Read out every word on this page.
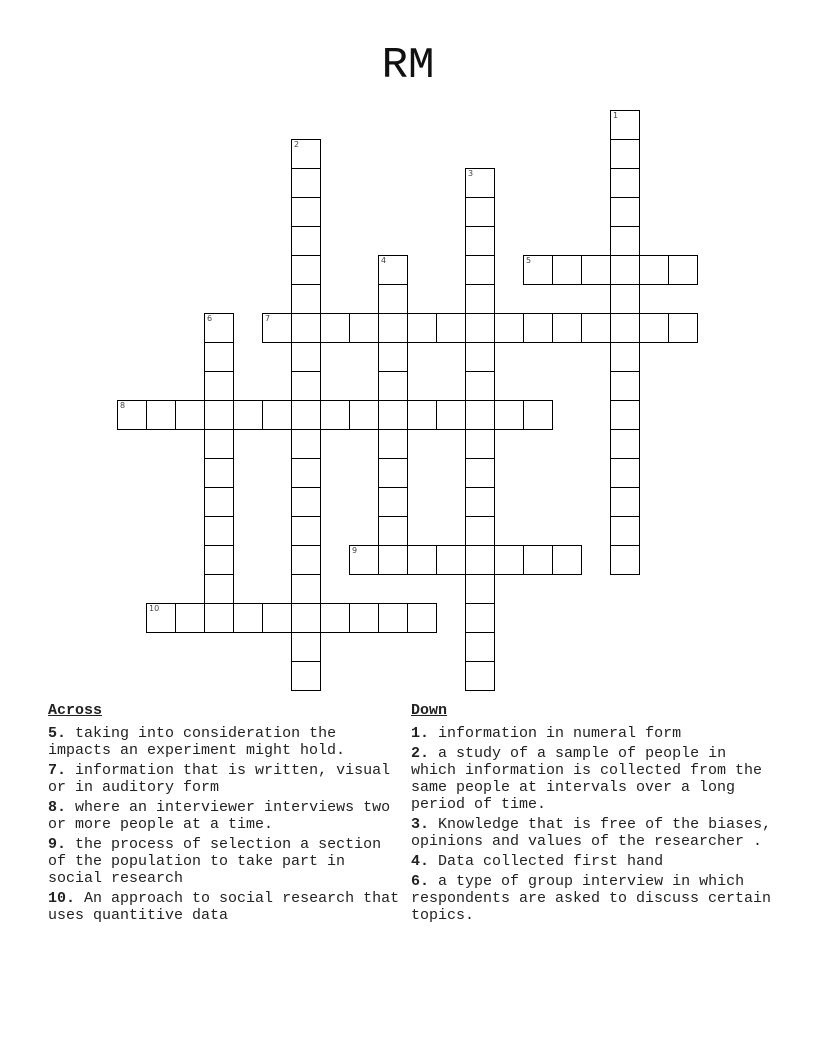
RM
1
2
3
4	5
6	7
8
9
10
Across
5. taking into consideration the impacts an experiment might hold.
7. information that is written, visual or in auditory form
8. where an interviewer interviews two or more people at a time.
9. the process of selection a section of the population to take part in social research
10. An approach to social research that uses quantitive data
Down
1. information in numeral form
2. a study of a sample of people in which information is collected from the same people at intervals over a long period of time.
3. Knowledge that is free of the biases, opinions and values of the researcher .
4. Data collected first hand
6. a type of group interview in which respondents are asked to discuss certain topics.
